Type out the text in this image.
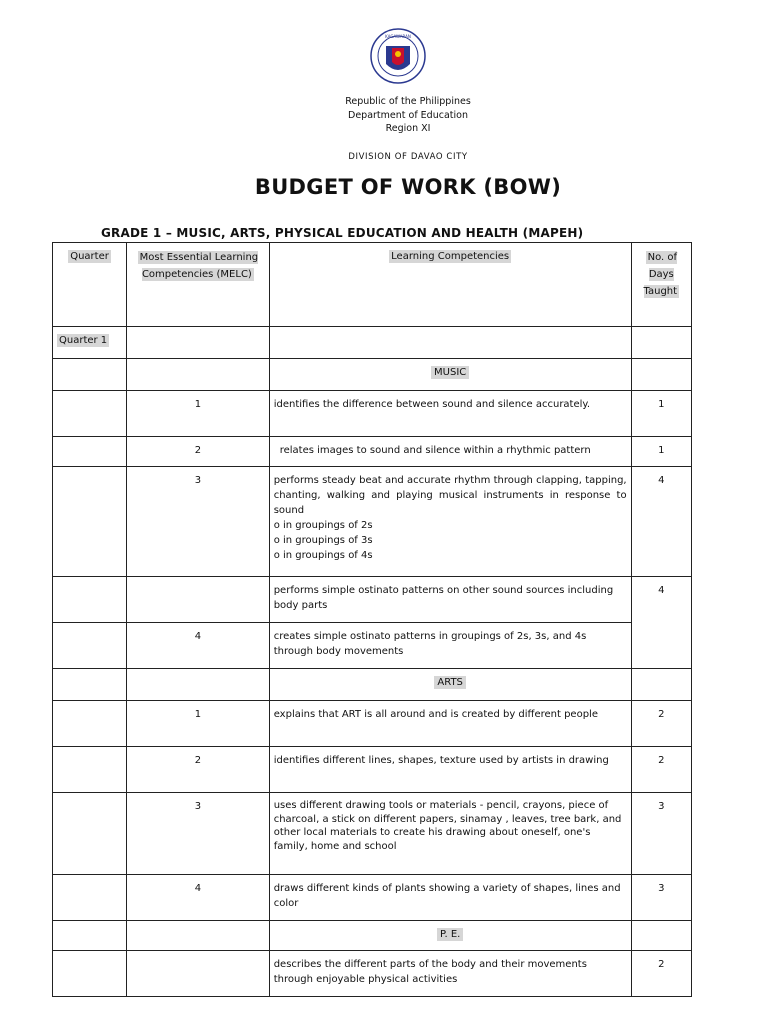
KAGAWARAN
Republic of the Philippines
Department of Education
Region XI
DIVISION OF DAVAO CITY
BUDGET OF WORK (BOW)
GRADE 1 – MUSIC, ARTS, PHYSICAL EDUCATION AND HEALTH (MAPEH)
Quarter	Most Essential Learning Competencies (MELC)	Learning Competencies	No. of Days Taught
Quarter 1			
		MUSIC	
	1	identifies the difference between sound and silence accurately.	1
	2	relates images to sound and silence within a rhythmic pattern	1
	3	performs steady beat and accurate rhythm through clapping, tapping, chanting, walking and playing musical instruments in response to sound
o in groupings of 2s
o in groupings of 3s
o in groupings of 4s	4
		performs simple ostinato patterns on other sound sources including body parts	4
	4	creates simple ostinato patterns in groupings of 2s, 3s, and 4s through body movements	
		ARTS	
	1	explains that ART is all around and is created by different people	2
	2	identifies different lines, shapes, texture used by artists in drawing	2
	3	uses different drawing tools or materials - pencil, crayons, piece of charcoal, a stick on different papers, sinamay , leaves, tree bark, and other local materials to create his drawing about oneself, one's family, home and school	3
	4	draws different kinds of plants showing a variety of shapes, lines and color	3
		P. E.	
		describes the different parts of the body and their movements through enjoyable physical activities	2
